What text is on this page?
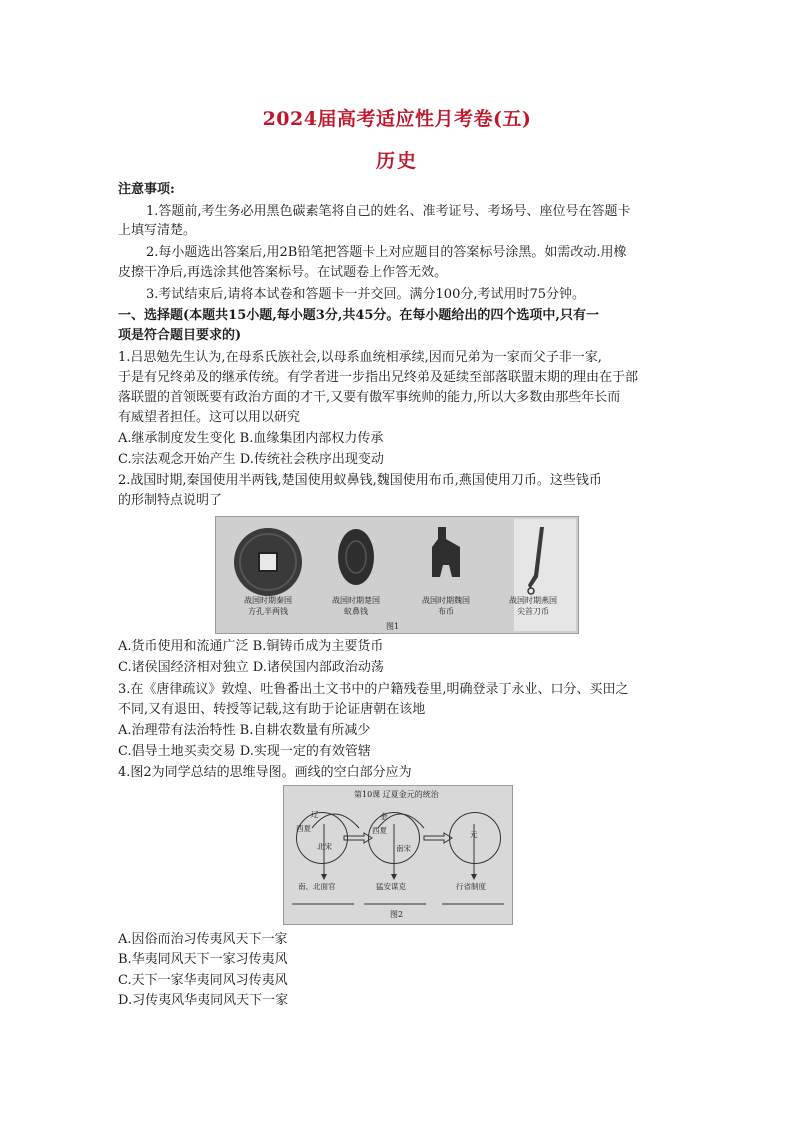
2024届高考适应性月考卷(五)
历史
注意事项:
1.答题前,考生务必用黑色碳素笔将自己的姓名、准考证号、考场号、座位号在答题卡
上填写清楚。
2.每小题选出答案后,用2B铅笔把答题卡上对应题目的答案标号涂黑。如需改动.用橡
皮擦干净后,再选涂其他答案标号。在试题卷上作答无效。
3.考试结束后,请将本试卷和答题卡一并交回。满分100分,考试用时75分钟。
一、选择题(本题共15小题,每小题3分,共45分。在每小题给出的四个选项中,只有一
项是符合题目要求的)
1.吕思勉先生认为,在母系氏族社会,以母系血统相承续,因而兄弟为一家而父子非一家,
于是有兄终弟及的继承传统。有学者进一步指出兄终弟及延续至部落联盟末期的理由在于部
落联盟的首领既要有政治方面的才干,又要有傲军事统帅的能力,所以大多数由那些年长而
有威望者担任。这可以用以研究
A.继承制度发生变化 B.血缘集团内部权力传承
C.宗法观念开始产生 D.传统社会秩序出现变动
2.战国时期,秦国使用半两钱,楚国使用蚁鼻钱,魏国使用布币,燕国使用刀币。这些钱币
的形制特点说明了
战国时期秦国
方孔半两钱
战国时期楚国
蚁鼻钱
战国时期魏国
布币
战国时期燕国
尖首刀币
图1
A.货币使用和流通广泛 B.铜铸币成为主要货币
C.诸侯国经济相对独立 D.诸侯国内部政治动荡
3.在《唐律疏议》敦煌、吐鲁番出土文书中的户籍残卷里,明确登录丁永业、口分、买田之
不同,又有退田、转授等记载,这有助于论证唐朝在该地
A.治理带有法治特性 B.自耕农数量有所减少
C.倡导土地买卖交易 D.实现一定的有效管辖
4.图2为同学总结的思维导图。画线的空白部分应为
第10课 辽夏金元的统治
辽
西夏
北宋
金
西夏
南宋
元
南、北面官	猛安谋克	行省制度
图2
A.因俗而治习传夷风天下一家
B.华夷同风天下一家习传夷风
C.天下一家华夷同风习传夷风
D.习传夷风华夷同风天下一家
